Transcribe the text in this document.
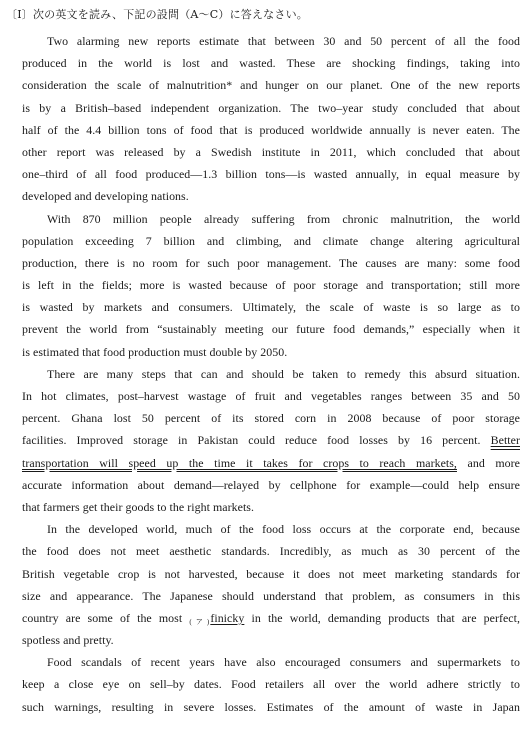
〔Ⅰ〕次の英文を読み、下記の設問（A～C）に答えなさい。
Two alarming new reports estimate that between 30 and 50 percent of all the food
produced in the world is lost and wasted. These are shocking findings, taking into
consideration the scale of malnutrition* and hunger on our planet. One of the new reports
is by a British–based independent organization. The two–year study concluded that about
half of the 4.4 billion tons of food that is produced worldwide annually is never eaten. The
other report was released by a Swedish institute in 2011, which concluded that about
one–third of all food produced—1.3 billion tons—is wasted annually, in equal measure by
developed and developing nations.
With 870 million people already suffering from chronic malnutrition, the world
population exceeding 7 billion and climbing, and climate change altering agricultural
production, there is no room for such poor management. The causes are many: some food
is left in the fields; more is wasted because of poor storage and transportation; still more
is wasted by markets and consumers. Ultimately, the scale of waste is so large as to
prevent the world from “sustainably meeting our future food demands,” especially when it
is estimated that food production must double by 2050.
There are many steps that can and should be taken to remedy this absurd situation.
In hot climates, post–harvest wastage of fruit and vegetables ranges between 35 and 50
percent. Ghana lost 50 percent of its stored corn in 2008 because of poor storage
facilities. Improved storage in Pakistan could reduce food losses by 16 percent. Better
transportation will speed up the time it takes for crops to reach markets, and more
accurate information about demand—relayed by cellphone for example—could help ensure
that farmers get their goods to the right markets.
In the developed world, much of the food loss occurs at the corporate end, because
the food does not meet aesthetic standards. Incredibly, as much as 30 percent of the
British vegetable crop is not harvested, because it does not meet marketing standards for
size and appearance. The Japanese should understand that problem, as consumers in this
country are some of the most (ア)finicky in the world, demanding products that are perfect,
spotless and pretty.
Food scandals of recent years have also encouraged consumers and supermarkets to
keep a close eye on sell–by dates. Food retailers all over the world adhere strictly to
such warnings, resulting in severe losses. Estimates of the amount of waste in Japan
